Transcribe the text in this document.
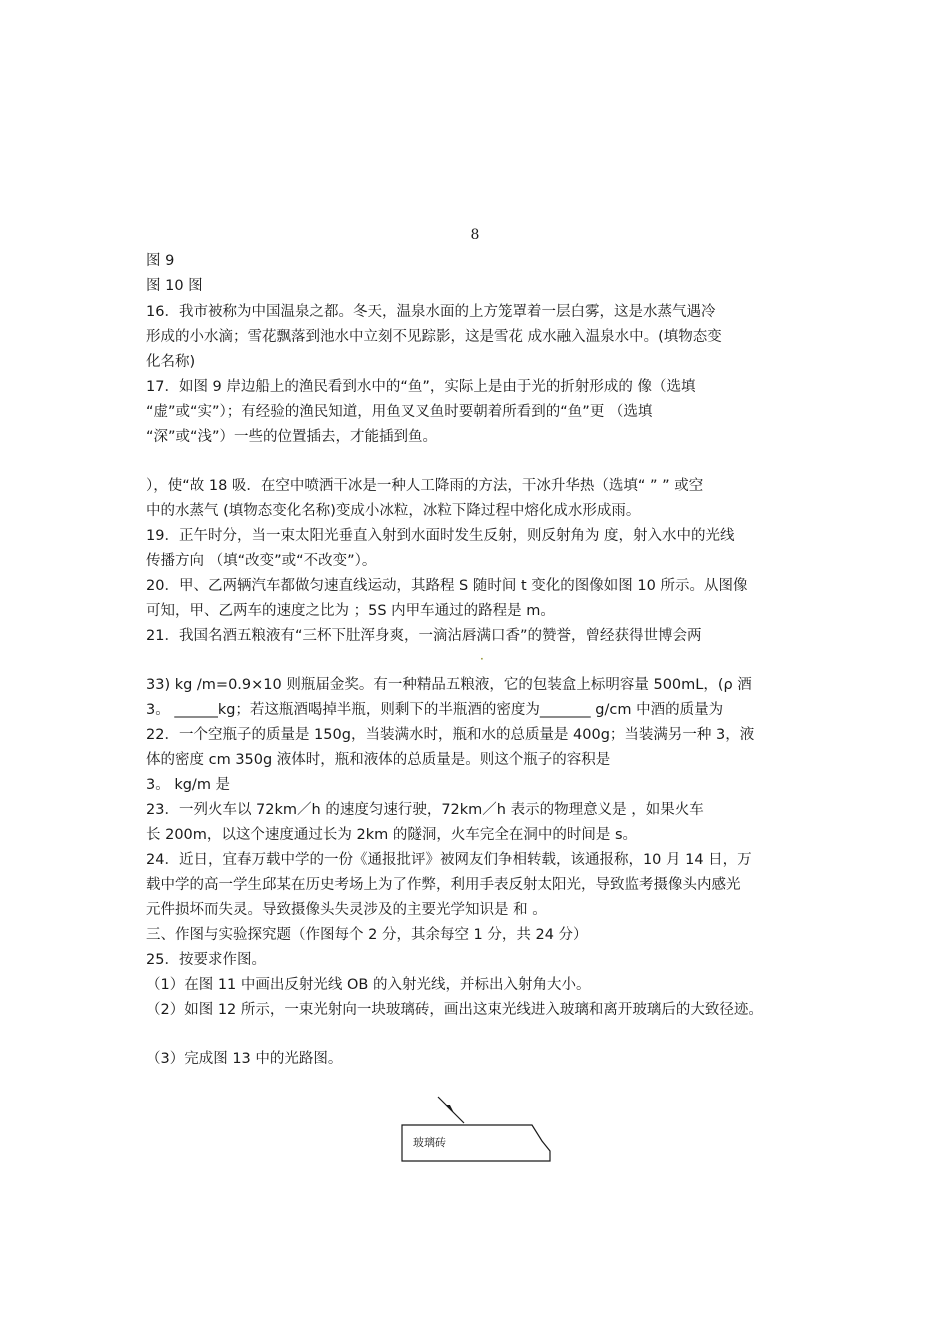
8
图 9
图 10 图
16．我市被称为中国温泉之都。冬天，温泉水面的上方笼罩着一层白雾，这是水蒸气遇冷
形成的小水滴；雪花飘落到池水中立刻不见踪影，这是雪花 成水融入温泉水中。(填物态变
化名称)
17．如图 9 岸边船上的渔民看到水中的“鱼”，实际上是由于光的折射形成的 像（选填
“虚”或“实”）；有经验的渔民知道，用鱼叉叉鱼时要朝着所看到的“鱼”更 （选填
“深”或“浅”）一些的位置插去，才能插到鱼。
），使“故 18 吸．在空中喷洒干冰是一种人工降雨的方法，干冰升华热（选填“ ” ” 或空
中的水蒸气 (填物态变化名称)变成小冰粒，冰粒下降过程中熔化成水形成雨。
19．正午时分，当一束太阳光垂直入射到水面时发生反射，则反射角为 度，射入水中的光线
传播方向 （填“改变”或“不改变”）。
20．甲、乙两辆汽车都做匀速直线运动，其路程 S 随时间 t 变化的图像如图 10 所示。从图像
可知，甲、乙两车的速度之比为 ；5S 内甲车通过的路程是 m。
21．我国名酒五粮液有“三杯下肚浑身爽，一滴沾唇满口香”的赞誉，曾经获得世博会两
·
33) kg /m=0.9×10 则瓶届金奖。有一种精品五粮液，它的包装盒上标明容量 500mL，(ρ 酒
3。 ______kg；若这瓶酒喝掉半瓶，则剩下的半瓶酒的密度为_______ g/cm 中酒的质量为
22．一个空瓶子的质量是 150g，当装满水时，瓶和水的总质量是 400g；当装满另一种 3，液
体的密度 cm 350g 液体时，瓶和液体的总质量是。则这个瓶子的容积是
3。 kg/m 是
23．一列火车以 72km／h 的速度匀速行驶，72km／h 表示的物理意义是 ，如果火车
长 200m，以这个速度通过长为 2km 的隧洞，火车完全在洞中的时间是 s。
24．近日，宜春万载中学的一份《通报批评》被网友们争相转载，该通报称，10 月 14 日，万
载中学的高一学生邱某在历史考场上为了作弊，利用手表反射太阳光，导致监考摄像头内感光
元件损坏而失灵。导致摄像头失灵涉及的主要光学知识是 和 。
三、作图与实验探究题（作图每个 2 分，其余每空 1 分，共 24 分）
25．按要求作图。
（1）在图 11 中画出反射光线 OB 的入射光线，并标出入射角大小。
（2）如图 12 所示，一束光射向一块玻璃砖，画出这束光线进入玻璃和离开玻璃后的大致径迹。
（3）完成图 13 中的光路图。
玻璃砖
